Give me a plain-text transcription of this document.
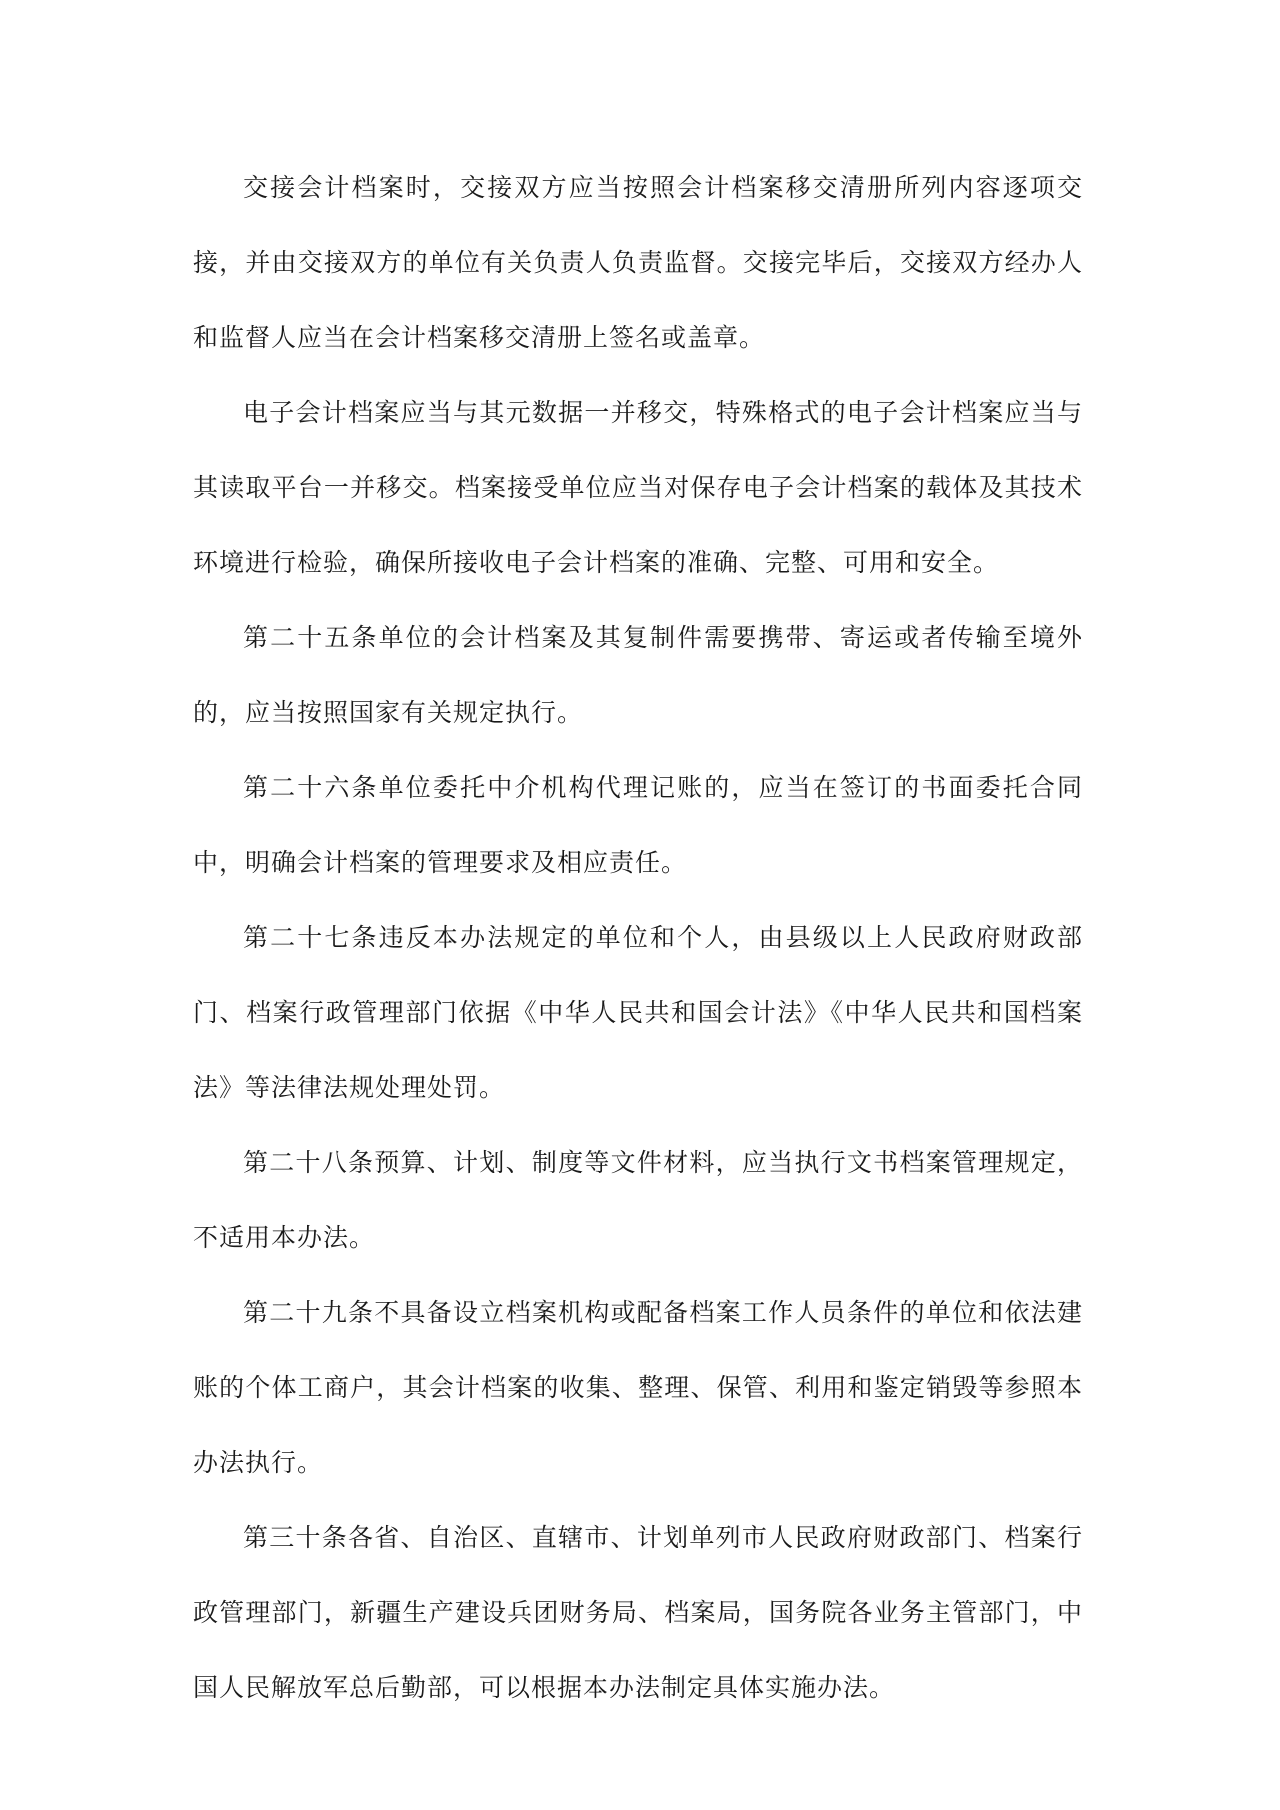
交接会计档案时，交接双方应当按照会计档案移交清册所列内容逐项交接，并由交接双方的单位有关负责人负责监督。交接完毕后，交接双方经办人和监督人应当在会计档案移交清册上签名或盖章。

电子会计档案应当与其元数据一并移交，特殊格式的电子会计档案应当与其读取平台一并移交。档案接受单位应当对保存电子会计档案的载体及其技术环境进行检验，确保所接收电子会计档案的准确、完整、可用和安全。

第二十五条单位的会计档案及其复制件需要携带、寄运或者传输至境外的，应当按照国家有关规定执行。

第二十六条单位委托中介机构代理记账的，应当在签订的书面委托合同中，明确会计档案的管理要求及相应责任。

第二十七条违反本办法规定的单位和个人，由县级以上人民政府财政部门、档案行政管理部门依据《中华人民共和国会计法》《中华人民共和国档案法》等法律法规处理处罚。

第二十八条预算、计划、制度等文件材料，应当执行文书档案管理规定，不适用本办法。

第二十九条不具备设立档案机构或配备档案工作人员条件的单位和依法建账的个体工商户，其会计档案的收集、整理、保管、利用和鉴定销毁等参照本办法执行。

第三十条各省、自治区、直辖市、计划单列市人民政府财政部门、档案行政管理部门，新疆生产建设兵团财务局、档案局，国务院各业务主管部门，中国人民解放军总后勤部，可以根据本办法制定具体实施办法。
